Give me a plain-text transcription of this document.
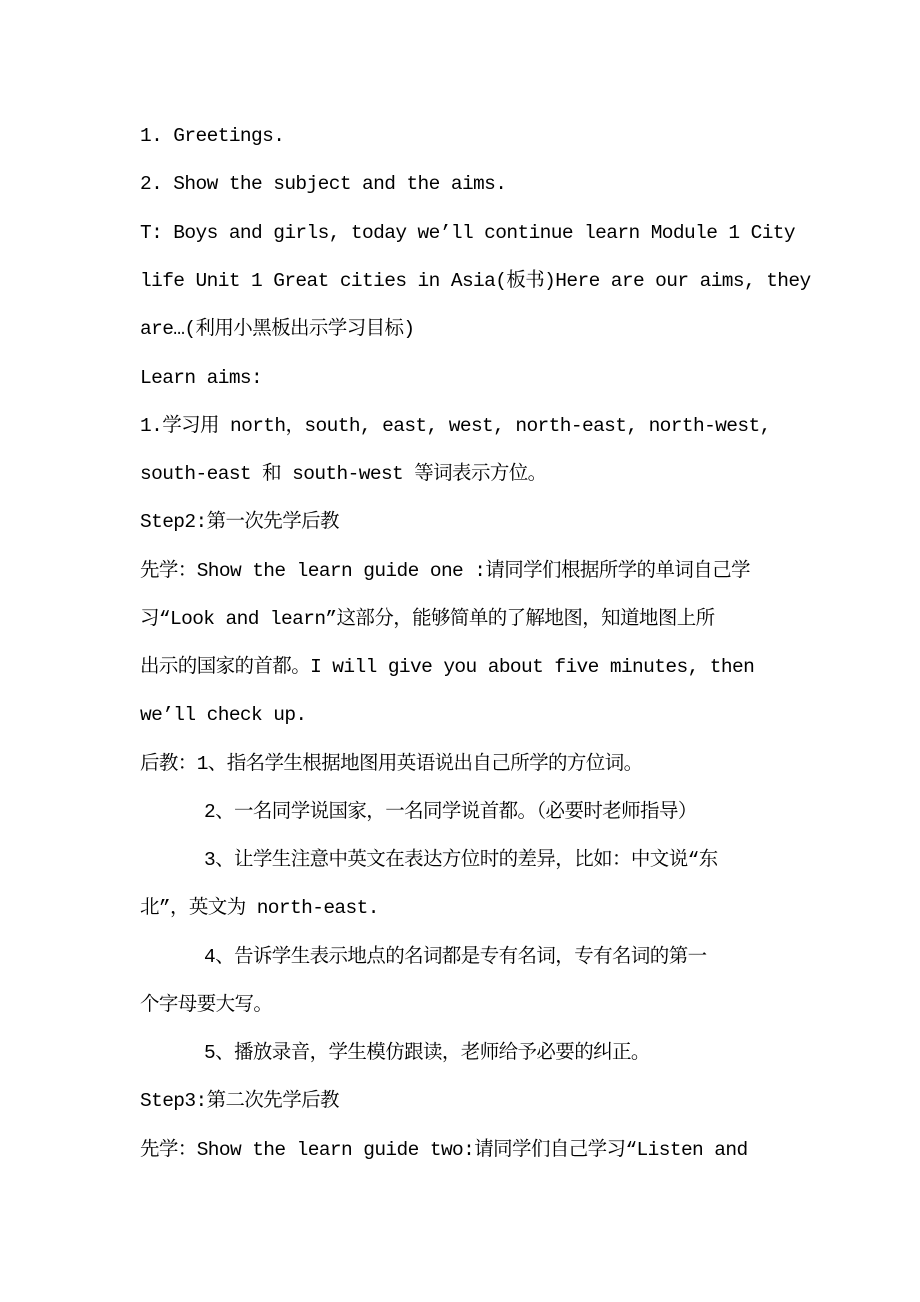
1. Greetings.
2. Show the subject and the aims.
T: Boys and girls, today we’ll continue learn Module 1 City
life Unit 1 Great cities in Asia(板书)Here are our aims, they
are…(利用小黑板出示学习目标)
Learn aims:
1.学习用 north，south, east, west, north-east, north-west,
south-east 和 south-west 等词表示方位。
Step2:第一次先学后教
先学：Show the learn guide one :请同学们根据所学的单词自己学
习“Look and learn”这部分，能够简单的了解地图，知道地图上所
出示的国家的首都。I will give you about five minutes, then
we’ll check up.
后教：1、指名学生根据地图用英语说出自己所学的方位词。
2、一名同学说国家，一名同学说首都。（必要时老师指导）
3、让学生注意中英文在表达方位时的差异，比如：中文说“东
北”，英文为 north-east.
4、告诉学生表示地点的名词都是专有名词，专有名词的第一
个字母要大写。
5、播放录音，学生模仿跟读，老师给予必要的纠正。
Step3:第二次先学后教
先学：Show the learn guide two:请同学们自己学习“Listen and
